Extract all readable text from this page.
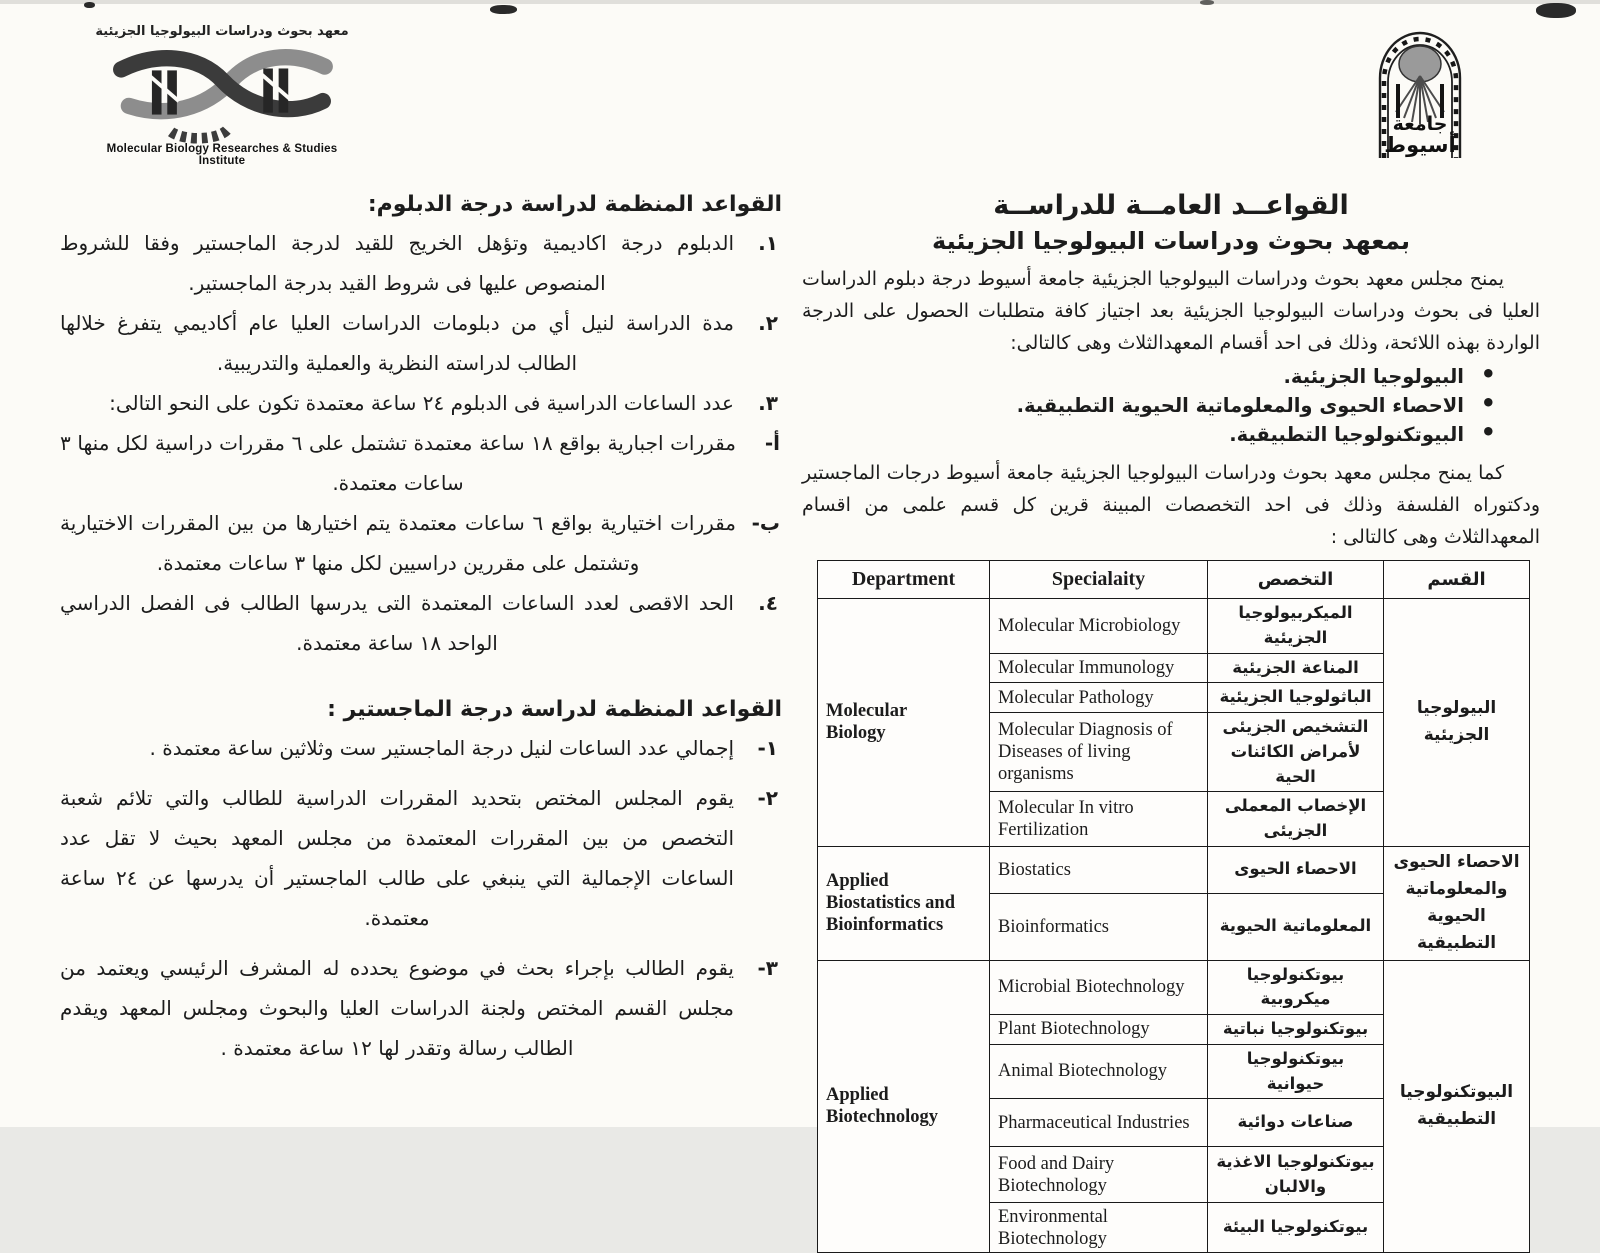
معهد بحوث ودراسات البيولوجيا الجزيئية
Molecular Biology Researches & Studies Institute
جامعة
أسيوط
القواعــد العامــة للدراســة
بمعهد بحوث ودراسات البيولوجيا الجزيئية

يمنح مجلس معهد بحوث ودراسات البيولوجيا الجزيئية جامعة أسيوط درجة دبلوم الدراسات العليا فى بحوث ودراسات البيولوجيا الجزيئية بعد اجتياز كافة متطلبات الحصول على الدرجة الواردة بهذه اللائحة، وذلك فى احد أقسام المعهدالثلاث وهى كالتالى:

•
البيولوجيا الجزيئية.
•
الاحصاء الحيوى والمعلوماتية الحيوية التطبيقية.
•
البيوتكنولوجيا التطبيقية.

كما يمنح مجلس معهد بحوث ودراسات البيولوجيا الجزيئية جامعة أسيوط درجات الماجستير ودكتوراه الفلسفة وذلك فى احد التخصصات المبينة قرين كل قسم علمى من اقسام المعهدالثلاث وهى كالتالى :

Department	Specialaity	التخصص	القسم

Molecular Biology	Molecular Microbiology	الميكربيولوجيا الجزيئية	البيولوجيا الجزيئية
	Molecular Immunology	المناعة الجزيئية	
	Molecular Pathology	الباثولوجيا الجزيئية	
	Molecular Diagnosis of Diseases of living organisms	التشخيص الجزيئى لأمراض الكائنات الحية	
	Molecular In vitro Fertilization	الإخصاب المعملى الجزيئى	

Applied Biostatistics and Bioinformatics	Biostatics	الاحصاء الحيوى	الاحصاء الحيوى والمعلوماتية الحيوية التطبيقية
	Bioinformatics	المعلوماتية الحيوية	

Applied Biotechnology	Microbial Biotechnology	بيوتكنولوجيا ميكروبية	البيوتكنولوجيا التطبيقية
	Plant Biotechnology	بيوتكنولوجيا نباتية	
	Animal Biotechnology	بيوتكنولوجيا حيوانية	
	Pharmaceutical Industries	صناعات دوائية	
	Food and Dairy Biotechnology	بيوتكنولوجيا الاغذية والالبان	
	Environmental Biotechnology	بيوتكنولوجيا البيئة	
القواعد المنظمة لدراسة درجة الدبلوم:
١.

الدبلوم درجة اكاديمية وتؤهل الخريج للقيد لدرجة الماجستير وفقا للشروط المنصوص عليها فى شروط القيد بدرجة الماجستير.

٢.

مدة الدراسة لنيل أي من دبلومات الدراسات العليا عام أكاديمي يتفرغ خلالها الطالب لدراسته النظرية والعملية والتدريبية.

٣.

عدد الساعات الدراسية فى الدبلوم ٢٤ ساعة معتمدة تكون على النحو التالى:

أ-

مقررات اجبارية بواقع ١٨ ساعة معتمدة تشتمل على ٦ مقررات دراسية لكل منها ٣ ساعات معتمدة.

ب-

مقررات اختيارية بواقع ٦ ساعات معتمدة يتم اختيارها من بين المقررات الاختيارية وتشتمل على مقررين دراسيين لكل منها ٣ ساعات معتمدة.

٤.

الحد الاقصى لعدد الساعات المعتمدة التى يدرسها الطالب فى الفصل الدراسي الواحد ١٨ ساعة معتمدة.

القواعد المنظمة لدراسة درجة الماجستير :
١-

إجمالي عدد الساعات لنيل درجة الماجستير ست وثلاثين ساعة معتمدة .

٢-

يقوم المجلس المختص بتحديد المقررات الدراسية للطالب والتي تلائم شعبة التخصص من بين المقررات المعتمدة من مجلس المعهد بحيث لا تقل عدد الساعات الإجمالية التي ينبغي على طالب الماجستير أن يدرسها عن ٢٤ ساعة معتمدة.

٣-

يقوم الطالب بإجراء بحث في موضوع يحدده له المشرف الرئيسي ويعتمد من مجلس القسم المختص ولجنة الدراسات العليا والبحوث ومجلس المعهد ويقدم الطالب رسالة وتقدر لها ١٢ ساعة معتمدة .
